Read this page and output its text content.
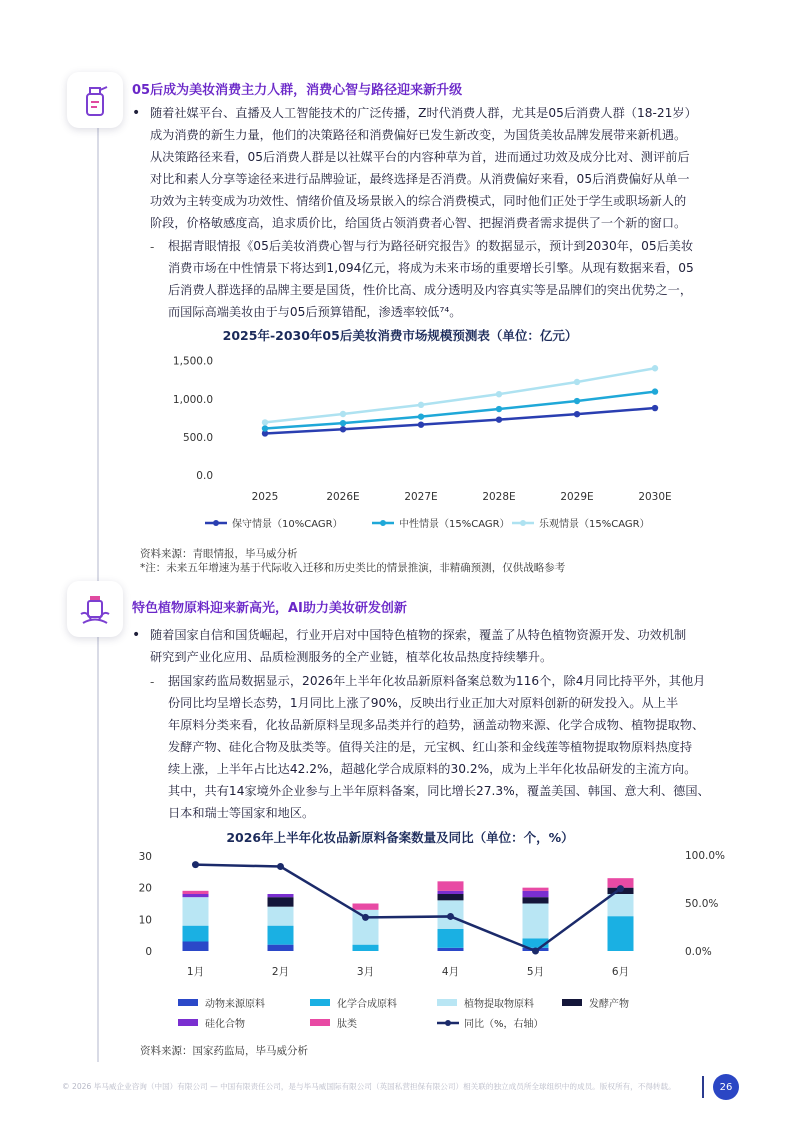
05后成为美妆消费主力人群，消费心智与路径迎来新升级
• 随着社媒平台、直播及人工智能技术的广泛传播，Z时代消费人群，尤其是05后消费人群（18-21岁）
成为消费的新生力量，他们的决策路径和消费偏好已发生新改变，为国货美妆品牌发展带来新机遇。
从决策路径来看，05后消费人群是以社媒平台的内容种草为首，进而通过功效及成分比对、测评前后
对比和素人分享等途径来进行品牌验证，最终选择是否消费。从消费偏好来看，05后消费偏好从单一
功效为主转变成为功效性、情绪价值及场景嵌入的综合消费模式，同时他们正处于学生或职场新人的
阶段，价格敏感度高，追求质价比，给国货占领消费者心智、把握消费者需求提供了一个新的窗口。
- 根据青眼情报《05后美妆消费心智与行为路径研究报告》的数据显示，预计到2030年，05后美妆
消费市场在中性情景下将达到1,094亿元，将成为未来市场的重要增长引擎。从现有数据来看，05
后消费人群选择的品牌主要是国货，性价比高、成分透明及内容真实等是品牌们的突出优势之一，
而国际高端美妆由于与05后预算错配，渗透率较低⁷⁴。
2025年-2030年05后美妆消费市场规模预测表（单位：亿元）
0.0
500.0
1,000.0
1,500.0
2025	2026E	2027E	2028E	2029E	2030E
保守情景（10%CAGR）	中性情景（15%CAGR）	乐观情景（15%CAGR）
资料来源：青眼情报，毕马威分析
*注：未来五年增速为基于代际收入迁移和历史类比的情景推演，非精确预测，仅供战略参考
特色植物原料迎来新高光，AI助力美妆研发创新
• 随着国家自信和国货崛起，行业开启对中国特色植物的探索，覆盖了从特色植物资源开发、功效机制
研究到产业化应用、品质检测服务的全产业链，植萃化妆品热度持续攀升。
- 据国家药监局数据显示，2026年上半年化妆品新原料备案总数为116个，除4月同比持平外，其他月
份同比均呈增长态势，1月同比上涨了90%，反映出行业正加大对原料创新的研发投入。从上半
年原料分类来看，化妆品新原料呈现多品类并行的趋势，涵盖动物来源、化学合成物、植物提取物、
发酵产物、硅化合物及肽类等。值得关注的是，元宝枫、红山茶和金线莲等植物提取物原料热度持
续上涨，上半年占比达42.2%，超越化学合成原料的30.2%，成为上半年化妆品研发的主流方向。
其中，共有14家境外企业参与上半年原料备案，同比增长27.3%，覆盖美国、韩国、意大利、德国、
日本和瑞士等国家和地区。
2026年上半年化妆品新原料备案数量及同比（单位：个，%）
0
10
20
30
0.0%
50.0%
100.0%
1月	2月	3月	4月	5月	6月
动物来源原料	化学合成原料	植物提取物原料	发酵产物
硅化合物	肽类	同比（%，右轴）
资料来源：国家药监局，毕马威分析
© 2026 毕马威企业咨询（中国）有限公司 — 中国有限责任公司，是与毕马威国际有限公司（英国私营担保有限公司）相关联的独立成员所全球组织中的成员。版权所有，不得转载。	26
